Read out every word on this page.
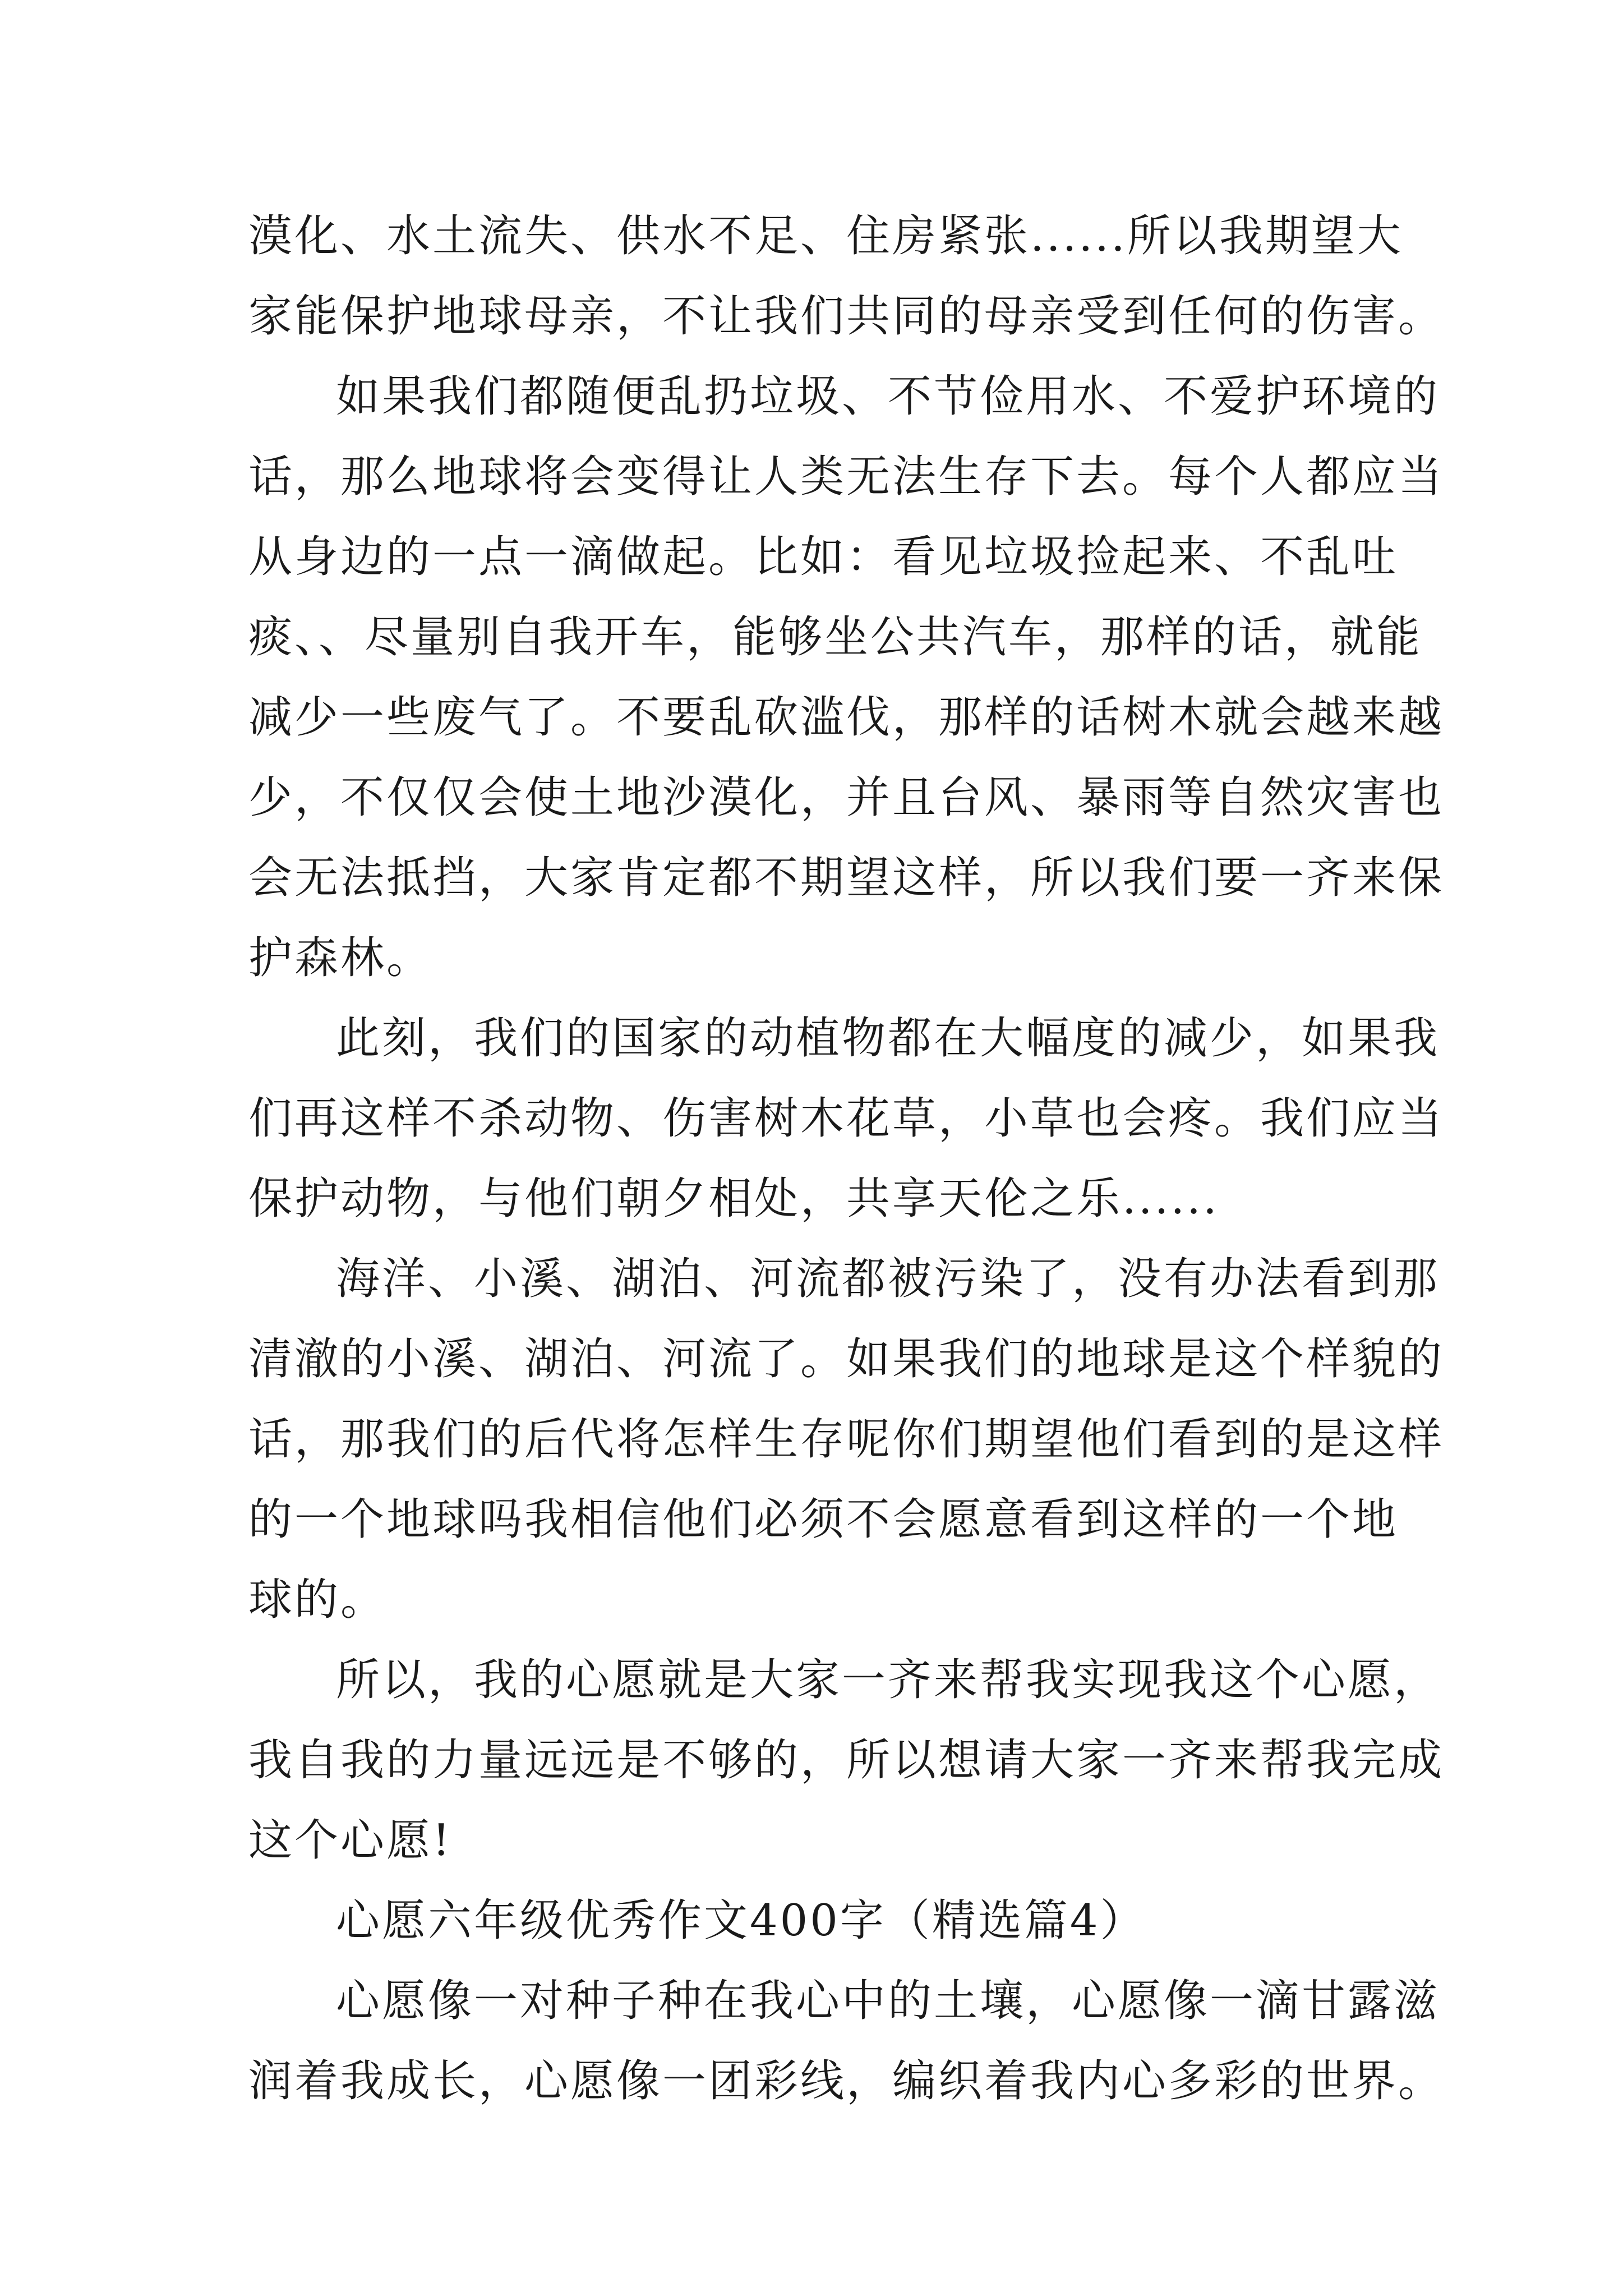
漠化、水土流失、供水不足、住房紧张......所以我期望大
家能保护地球母亲，不让我们共同的母亲受到任何的伤害。
如果我们都随便乱扔垃圾、不节俭用水、不爱护环境的
话，那么地球将会变得让人类无法生存下去。每个人都应当
从身边的一点一滴做起。比如：看见垃圾捡起来、不乱吐
痰、、尽量别自我开车，能够坐公共汽车，那样的话，就能
减少一些废气了。不要乱砍滥伐，那样的话树木就会越来越
少，不仅仅会使土地沙漠化，并且台风、暴雨等自然灾害也
会无法抵挡，大家肯定都不期望这样，所以我们要一齐来保
护森林。
此刻，我们的国家的动植物都在大幅度的减少，如果我
们再这样不杀动物、伤害树木花草，小草也会疼。我们应当
保护动物，与他们朝夕相处，共享天伦之乐......
海洋、小溪、湖泊、河流都被污染了，没有办法看到那
清澈的小溪、湖泊、河流了。如果我们的地球是这个样貌的
话，那我们的后代将怎样生存呢你们期望他们看到的是这样
的一个地球吗我相信他们必须不会愿意看到这样的一个地
球的。
所以，我的心愿就是大家一齐来帮我实现我这个心愿，
我自我的力量远远是不够的，所以想请大家一齐来帮我完成
这个心愿!
心愿六年级优秀作文400字（精选篇4）
心愿像一对种子种在我心中的土壤，心愿像一滴甘露滋
润着我成长，心愿像一团彩线，编织着我内心多彩的世界。
